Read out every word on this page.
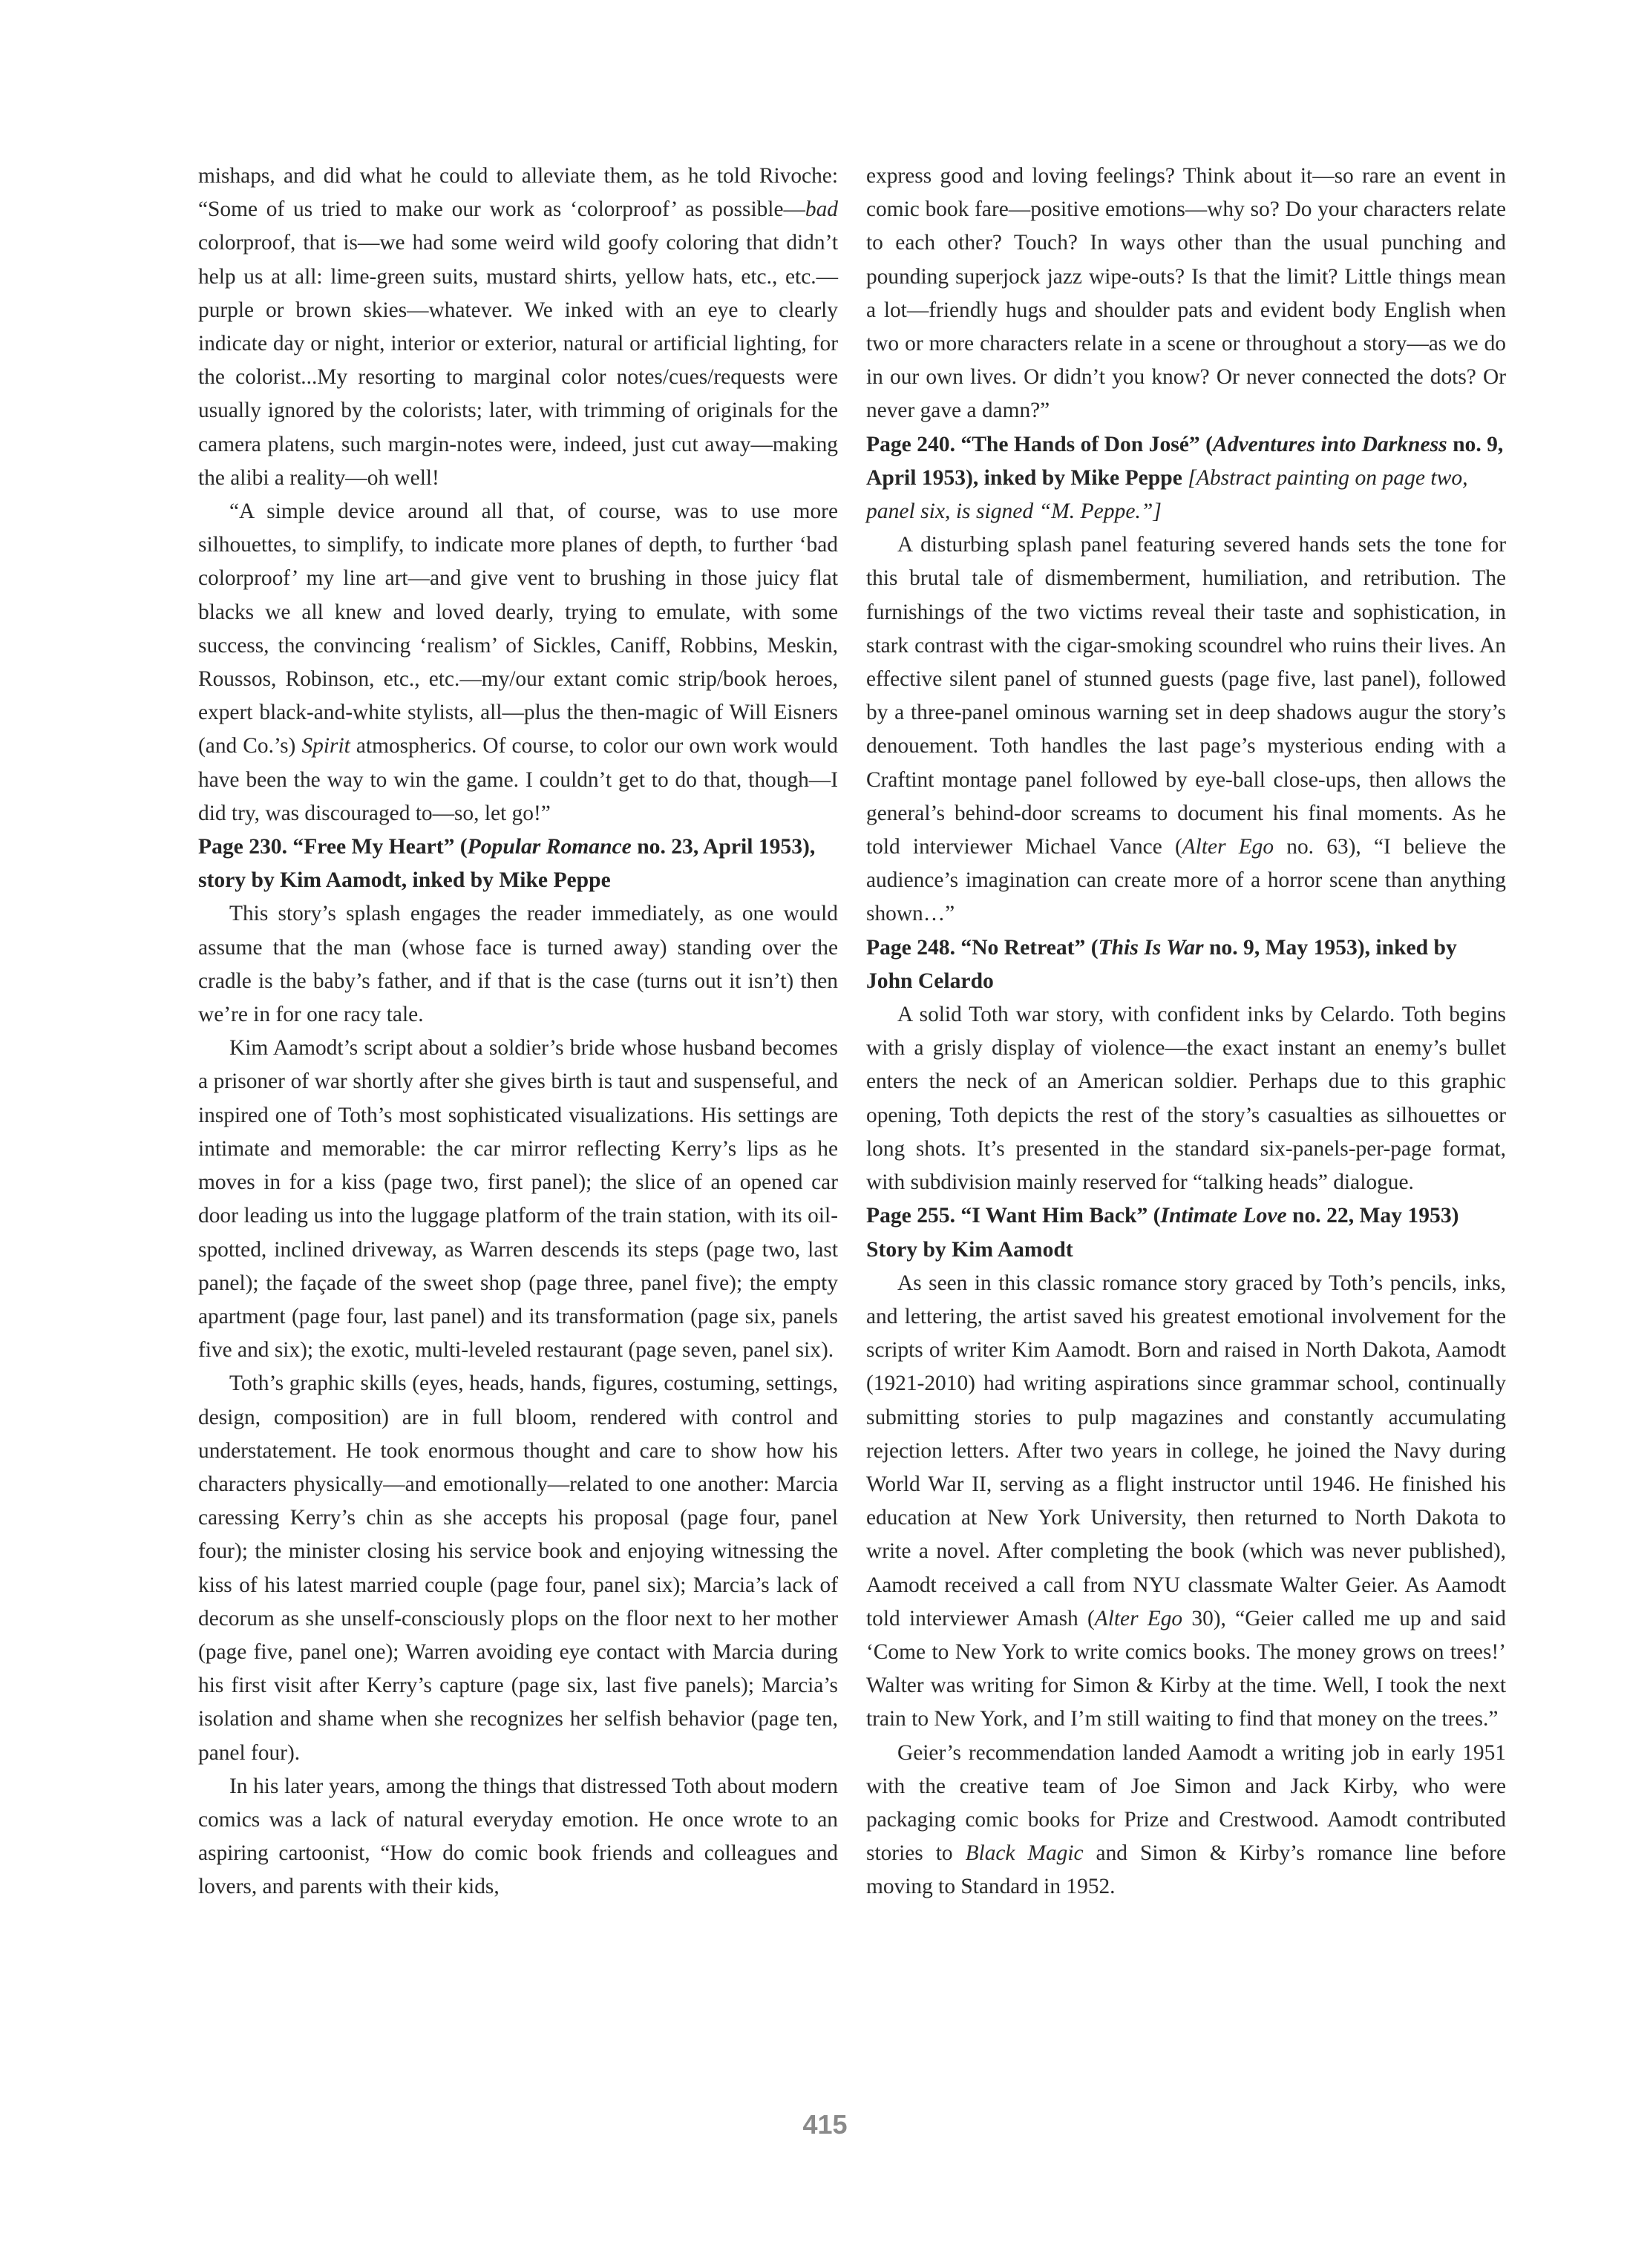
mishaps, and did what he could to alleviate them, as he told Rivoche: “Some of us tried to make our work as ‘colorproof’ as possible—bad colorproof, that is—we had some weird wild goofy coloring that didn’t help us at all: lime-green suits, mustard shirts, yellow hats, etc., etc.—purple or brown skies—whatever. We inked with an eye to clearly indicate day or night, interior or exterior, natural or artificial lighting, for the colorist...My resorting to marginal color notes/cues/requests were usually ignored by the colorists; later, with trimming of originals for the camera platens, such margin-notes were, indeed, just cut away—making the alibi a reality—oh well!

“A simple device around all that, of course, was to use more silhouettes, to simplify, to indicate more planes of depth, to further ‘bad colorproof’ my line art—and give vent to brushing in those juicy flat blacks we all knew and loved dearly, trying to emulate, with some success, the convincing ‘realism’ of Sickles, Caniff, Robbins, Meskin, Roussos, Robinson, etc., etc.—my/our extant comic strip/book heroes, expert black-and-white stylists, all—plus the then-magic of Will Eisners (and Co.’s) Spirit atmospherics. Of course, to color our own work would have been the way to win the game. I couldn’t get to do that, though—I did try, was discouraged to—so, let go!”

Page 230. “Free My Heart” (Popular Romance no. 23, April 1953), story by Kim Aamodt, inked by Mike Peppe

This story’s splash engages the reader immediately, as one would assume that the man (whose face is turned away) standing over the cradle is the baby’s father, and if that is the case (turns out it isn’t) then we’re in for one racy tale.

Kim Aamodt’s script about a soldier’s bride whose husband becomes a prisoner of war shortly after she gives birth is taut and suspenseful, and inspired one of Toth’s most sophisticated visualizations. His settings are intimate and memorable: the car mirror reflecting Kerry’s lips as he moves in for a kiss (page two, first panel); the slice of an opened car door leading us into the luggage platform of the train station, with its oil-spotted, inclined driveway, as Warren descends its steps (page two, last panel); the façade of the sweet shop (page three, panel five); the empty apartment (page four, last panel) and its transformation (page six, panels five and six); the exotic, multi-leveled restaurant (page seven, panel six).

Toth’s graphic skills (eyes, heads, hands, figures, costuming, settings, design, composition) are in full bloom, rendered with control and understatement. He took enormous thought and care to show how his characters physically—and emotionally—related to one another: Marcia caressing Kerry’s chin as she accepts his proposal (page four, panel four); the minister closing his service book and enjoying witnessing the kiss of his latest married couple (page four, panel six); Marcia’s lack of decorum as she unself-consciously plops on the floor next to her mother (page five, panel one); Warren avoiding eye contact with Marcia during his first visit after Kerry’s capture (page six, last five panels); Marcia’s isolation and shame when she recognizes her selfish behavior (page ten, panel four).

In his later years, among the things that distressed Toth about modern comics was a lack of natural everyday emotion. He once wrote to an aspiring cartoonist, “How do comic book friends and colleagues and lovers, and parents with their kids,

express good and loving feelings? Think about it—so rare an event in comic book fare—positive emotions—why so? Do your characters relate to each other? Touch? In ways other than the usual punching and pounding superjock jazz wipe-outs? Is that the limit? Little things mean a lot—friendly hugs and shoulder pats and evident body English when two or more characters relate in a scene or throughout a story—as we do in our own lives. Or didn’t you know? Or never connected the dots? Or never gave a damn?”

Page 240. “The Hands of Don José” (Adventures into Darkness no. 9, April 1953), inked by Mike Peppe [Abstract painting on page two, panel six, is signed “M. Peppe.”]

A disturbing splash panel featuring severed hands sets the tone for this brutal tale of dismemberment, humiliation, and retribution. The furnishings of the two victims reveal their taste and sophistication, in stark contrast with the cigar-smoking scoundrel who ruins their lives. An effective silent panel of stunned guests (page five, last panel), followed by a three-panel ominous warning set in deep shadows augur the story’s denouement. Toth handles the last page’s mysterious ending with a Craftint montage panel followed by eye-ball close-ups, then allows the general’s behind-door screams to document his final moments. As he told interviewer Michael Vance (Alter Ego no. 63), “I believe the audience’s imagination can create more of a horror scene than anything shown…”

Page 248. “No Retreat” (This Is War no. 9, May 1953), inked by John Celardo

A solid Toth war story, with confident inks by Celardo. Toth begins with a grisly display of violence—the exact instant an enemy’s bullet enters the neck of an American soldier. Perhaps due to this graphic opening, Toth depicts the rest of the story’s casualties as silhouettes or long shots. It’s presented in the standard six-panels-per-page format, with subdivision mainly reserved for “talking heads” dialogue.

Page 255. “I Want Him Back” (Intimate Love no. 22, May 1953) Story by Kim Aamodt

As seen in this classic romance story graced by Toth’s pencils, inks, and lettering, the artist saved his greatest emotional involvement for the scripts of writer Kim Aamodt. Born and raised in North Dakota, Aamodt (1921-2010) had writing aspirations since grammar school, continually submitting stories to pulp magazines and constantly accumulating rejection letters. After two years in college, he joined the Navy during World War II, serving as a flight instructor until 1946. He finished his education at New York University, then returned to North Dakota to write a novel. After completing the book (which was never published), Aamodt received a call from NYU classmate Walter Geier. As Aamodt told interviewer Amash (Alter Ego 30), “Geier called me up and said ‘Come to New York to write comics books. The money grows on trees!’ Walter was writing for Simon & Kirby at the time. Well, I took the next train to New York, and I’m still waiting to find that money on the trees.”

Geier’s recommendation landed Aamodt a writing job in early 1951 with the creative team of Joe Simon and Jack Kirby, who were packaging comic books for Prize and Crestwood. Aamodt contributed stories to Black Magic and Simon & Kirby’s romance line before moving to Standard in 1952.

415
